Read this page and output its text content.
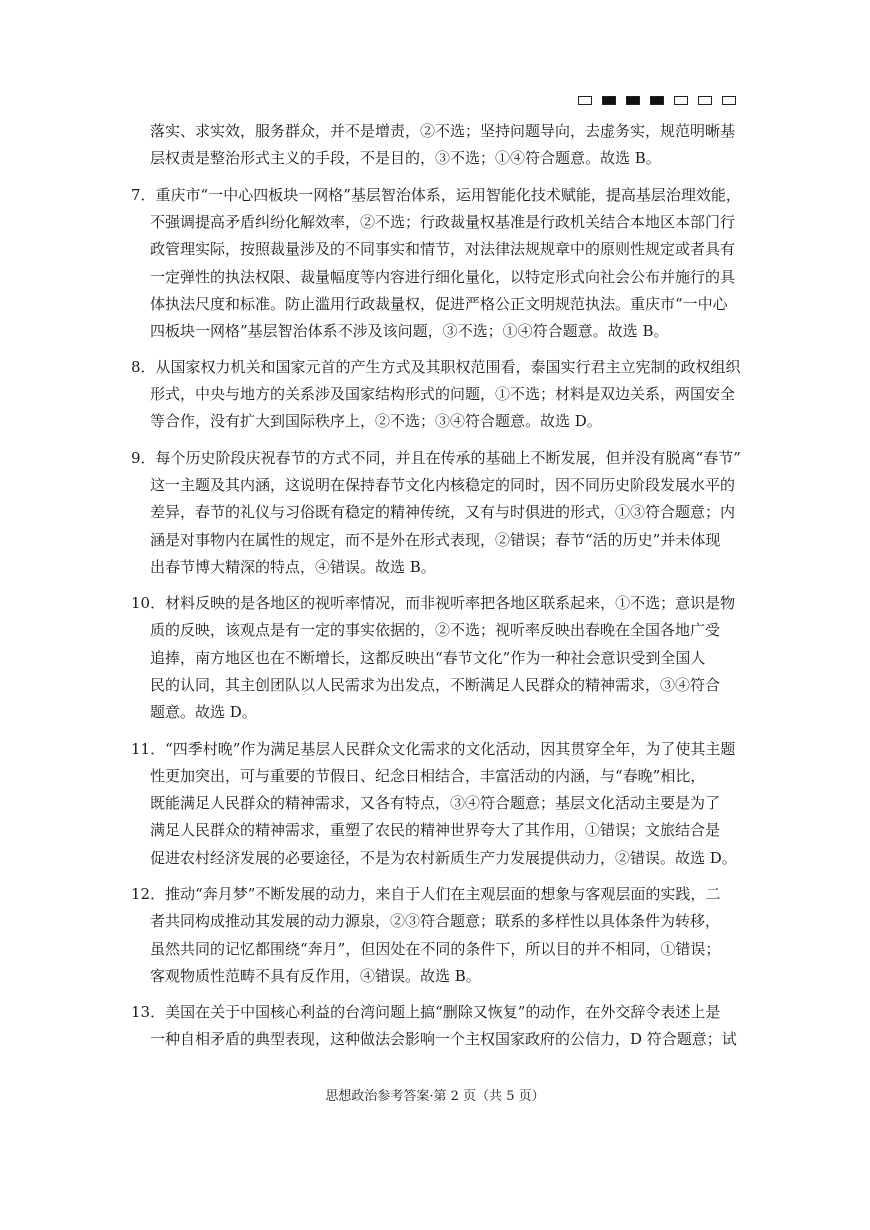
落实、求实效，服务群众，并不是增责，②不选；坚持问题导向，去虚务实，规范明晰基
层权责是整治形式主义的手段，不是目的，③不选；①④符合题意。故选 B。
7．重庆市“一中心四板块一网格”基层智治体系，运用智能化技术赋能，提高基层治理效能，
不强调提高矛盾纠纷化解效率，②不选；行政裁量权基准是行政机关结合本地区本部门行
政管理实际，按照裁量涉及的不同事实和情节，对法律法规规章中的原则性规定或者具有
一定弹性的执法权限、裁量幅度等内容进行细化量化，以特定形式向社会公布并施行的具
体执法尺度和标准。防止滥用行政裁量权，促进严格公正文明规范执法。重庆市“一中心
四板块一网格”基层智治体系不涉及该问题，③不选；①④符合题意。故选 B。
8．从国家权力机关和国家元首的产生方式及其职权范围看，泰国实行君主立宪制的政权组织
形式，中央与地方的关系涉及国家结构形式的问题，①不选；材料是双边关系，两国安全
等合作，没有扩大到国际秩序上，②不选；③④符合题意。故选 D。
9．每个历史阶段庆祝春节的方式不同，并且在传承的基础上不断发展，但并没有脱离“春节”
这一主题及其内涵，这说明在保持春节文化内核稳定的同时，因不同历史阶段发展水平的
差异，春节的礼仪与习俗既有稳定的精神传统，又有与时俱进的形式，①③符合题意；内
涵是对事物内在属性的规定，而不是外在形式表现，②错误；春节“活的历史”并未体现
出春节博大精深的特点，④错误。故选 B。
10．材料反映的是各地区的视听率情况，而非视听率把各地区联系起来，①不选；意识是物
质的反映，该观点是有一定的事实依据的，②不选；视听率反映出春晚在全国各地广受
追捧，南方地区也在不断增长，这都反映出“春节文化”作为一种社会意识受到全国人
民的认同，其主创团队以人民需求为出发点，不断满足人民群众的精神需求，③④符合
题意。故选 D。
11．“四季村晚”作为满足基层人民群众文化需求的文化活动，因其贯穿全年，为了使其主题
性更加突出，可与重要的节假日、纪念日相结合，丰富活动的内涵，与“春晚”相比，
既能满足人民群众的精神需求，又各有特点，③④符合题意；基层文化活动主要是为了
满足人民群众的精神需求，重塑了农民的精神世界夸大了其作用，①错误；文旅结合是
促进农村经济发展的必要途径，不是为农村新质生产力发展提供动力，②错误。故选 D。
12．推动“奔月梦”不断发展的动力，来自于人们在主观层面的想象与客观层面的实践，二
者共同构成推动其发展的动力源泉，②③符合题意；联系的多样性以具体条件为转移，
虽然共同的记忆都围绕“奔月”，但因处在不同的条件下，所以目的并不相同，①错误；
客观物质性范畴不具有反作用，④错误。故选 B。
13．美国在关于中国核心利益的台湾问题上搞“删除又恢复”的动作，在外交辞令表述上是
一种自相矛盾的典型表现，这种做法会影响一个主权国家政府的公信力，D 符合题意；试
思想政治参考答案·第 2 页（共 5 页）
